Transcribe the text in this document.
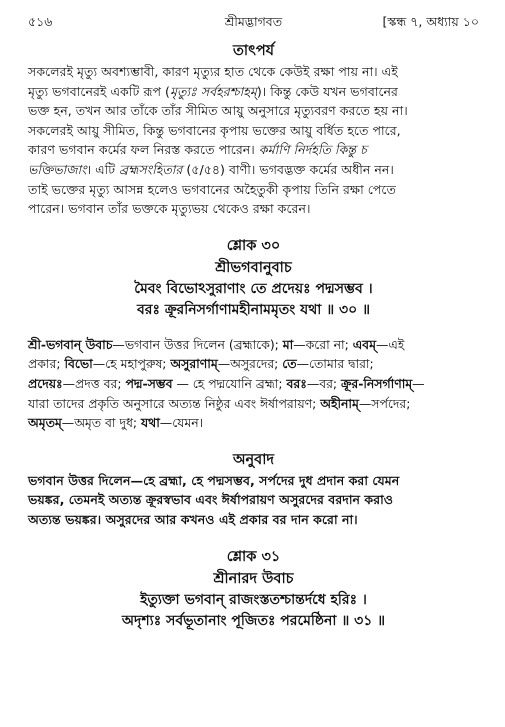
৫১৬	শ্রীমদ্ভাগবত	[স্কন্ধ ৭, অধ্যায় ১০
তাৎপর্য
সকলেরই মৃত্যু অবশ্যম্ভাবী, কারণ মৃত্যুর হাত থেকে কেউই রক্ষা পায় না। এই
মৃত্যু ভগবানেরই একটি রূপ (মৃত্যুঃ সর্বহরশ্চাহম্)। কিন্তু কেউ যখন ভগবানের
ভক্ত হন, তখন আর তাঁকে তাঁর সীমিত আয়ু অনুসারে মৃত্যুবরণ করতে হয় না।
সকলেরই আয়ু সীমিত, কিন্তু ভগবানের কৃপায় ভক্তের আয়ু বর্ধিত হতে পারে,
কারণ ভগবান কর্মের ফল নিরস্ত করতে পারেন। কর্মাণি নির্দহতি কিন্তু চ
ভক্তিভাজাং। এটি ব্রহ্মসংহিতার (৫/৫৪) বাণী। ভগবদ্ভক্ত কর্মের অধীন নন।
তাই ভক্তের মৃত্যু আসন্ন হলেও ভগবানের অহৈতুকী কৃপায় তিনি রক্ষা পেতে
পারেন। ভগবান তাঁর ভক্তকে মৃত্যুভয় থেকেও রক্ষা করেন।
শ্লোক ৩০
শ্রীভগবানুবাচ
মৈবং বিভোঽসুরাণাং তে প্রদেয়ঃ পদ্মসম্ভব ।
বরঃ ক্রূরনিসর্গাণামহীনামমৃতং যথা ॥ ৩০ ॥
শ্রী-ভগবান্ উবাচ—ভগবান উত্তর দিলেন (ব্রহ্মাকে); মা—করো না; এবম্—এই
প্রকার; বিভো—হে মহাপুরুষ; অসুরাণাম্—অসুরদের; তে—তোমার দ্বারা;
প্রদেয়ঃ—প্রদত্ত বর; পদ্ম-সম্ভব — হে পদ্মযোনি ব্রহ্মা; বরঃ—বর; ক্রূর-নিসর্গাণাম্—
যারা তাদের প্রকৃতি অনুসারে অত্যন্ত নিষ্ঠুর এবং ঈর্ষাপরায়ণ; অহীনাম্—সর্পদের;
অমৃতম্—অমৃত বা দুধ; যথা—যেমন।
অনুবাদ
ভগবান উত্তর দিলেন—হে ব্রহ্মা, হে পদ্মসম্ভব, সর্পদের দুধ প্রদান করা যেমন
ভয়ঙ্কর, তেমনই অত্যন্ত ক্রূরস্বভাব এবং ঈর্ষাপরায়ণ অসুরদের বরদান করাও
অত্যন্ত ভয়ঙ্কর। অসুরদের আর কখনও এই প্রকার বর দান করো না।
শ্লোক ৩১
শ্রীনারদ উবাচ
ইত্যুক্তা ভগবান্ রাজংস্ততশ্চান্তর্দধে হরিঃ ।
অদৃশ্যঃ সর্বভূতানাং পূজিতঃ পরমেষ্ঠিনা ॥ ৩১ ॥
